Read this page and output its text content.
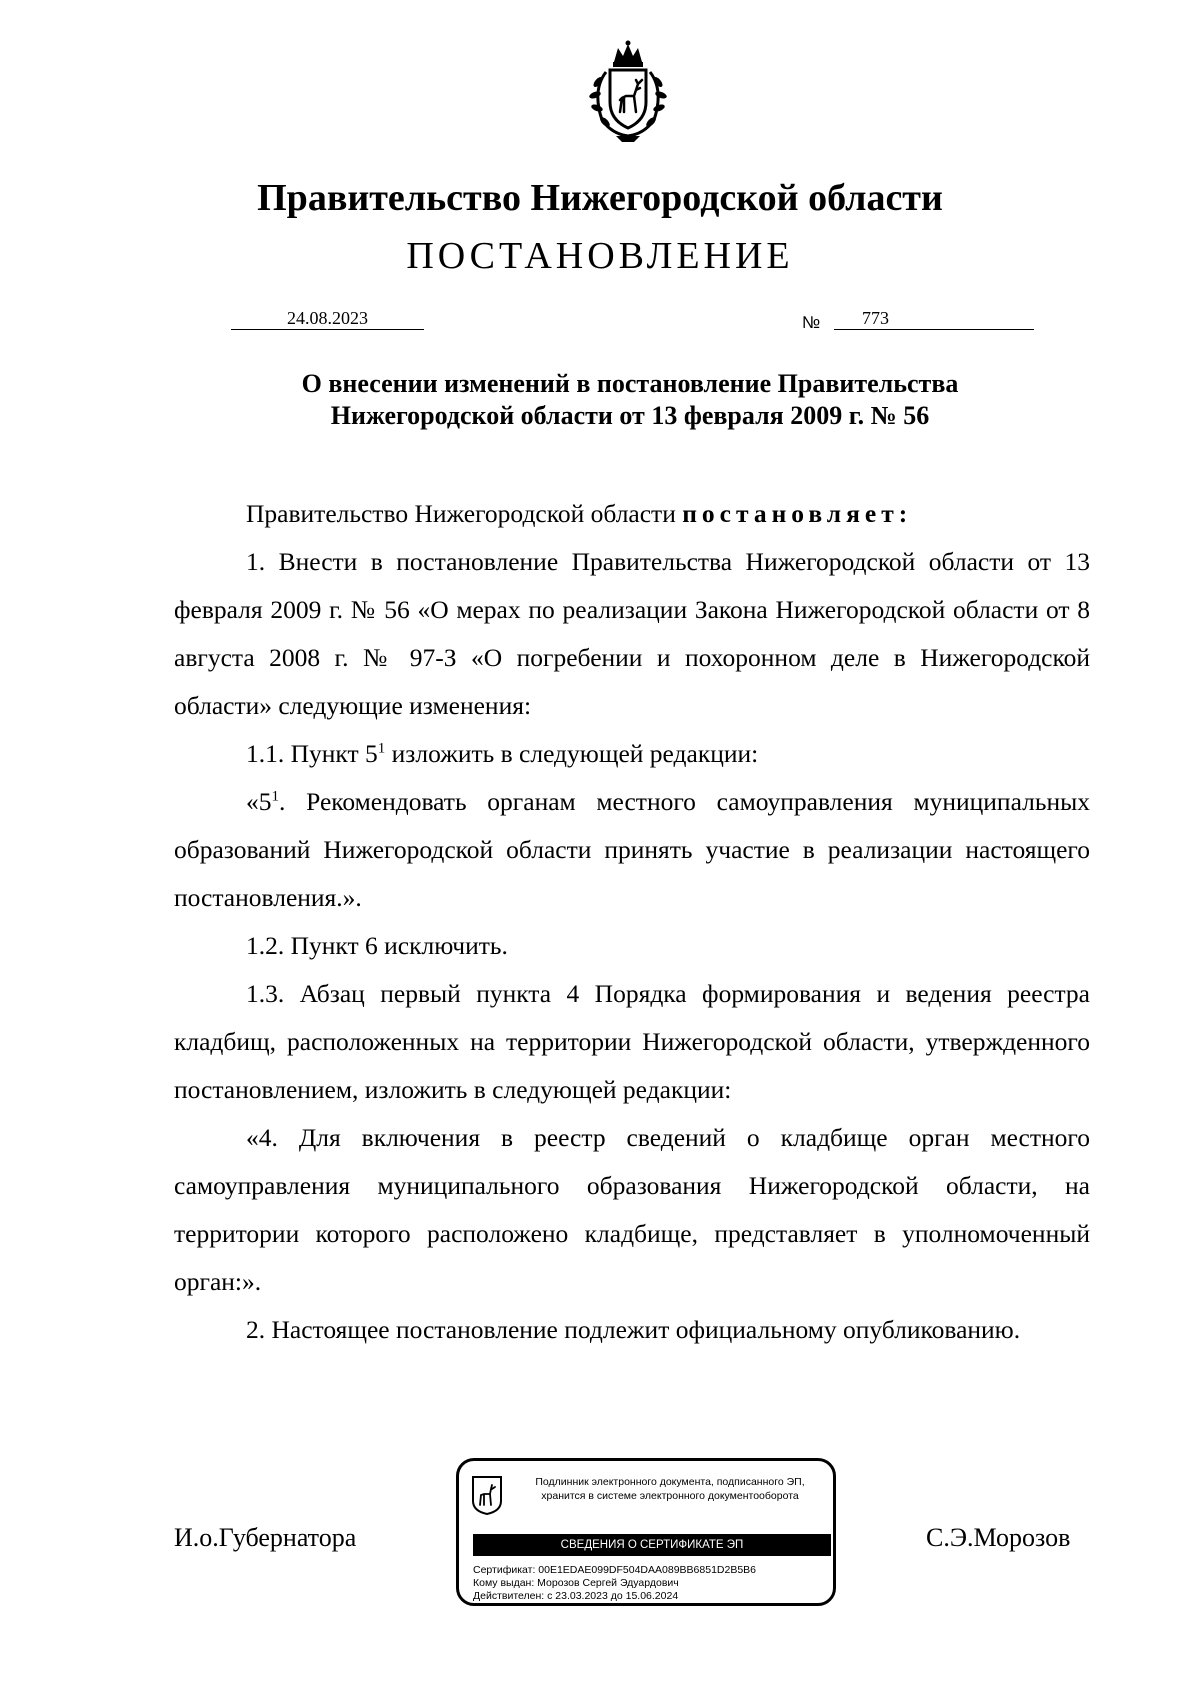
Правительство Нижегородской области
ПОСТАНОВЛЕНИЕ
24.08.2023	№	773
О внесении изменений в постановление Правительства
Нижегородской области от 13 февраля 2009 г. № 56

Правительство Нижегородской области постановляет:

1. Внести в постановление Правительства Нижегородской области от 13 февраля 2009 г. № 56 «О мерах по реализации Закона Нижегородской области от 8 августа 2008 г. № 97-З «О погребении и похоронном деле в Нижегородской области» следующие изменения:

1.1. Пункт $5^1$ изложить в следующей редакции:

«$5^1$. Рекомендовать органам местного самоуправления муниципальных образований Нижегородской области принять участие в реализации настоящего постановления.».

1.2. Пункт 6 исключить.

1.3. Абзац первый пункта 4 Порядка формирования и ведения реестра кладбищ, расположенных на территории Нижегородской области, утвержденного постановлением, изложить в следующей редакции:

«4. Для включения в реестр сведений о кладбище орган местного самоуправления муниципального образования Нижегородской области, на территории которого расположено кладбище, представляет в уполномоченный орган:».

2. Настоящее постановление подлежит официальному опубликованию.

И.о.Губернатора	С.Э.Морозов
Подлинник электронного документа, подписанного ЭП,
хранится в системе электронного документооборота
СВЕДЕНИЯ О СЕРТИФИКАТЕ ЭП
Сертификат: 00E1EDAE099DF504DAA089BB6851D2B5B6
Кому выдан: Морозов Сергей Эдуардович
Действителен: с 23.03.2023 до 15.06.2024
